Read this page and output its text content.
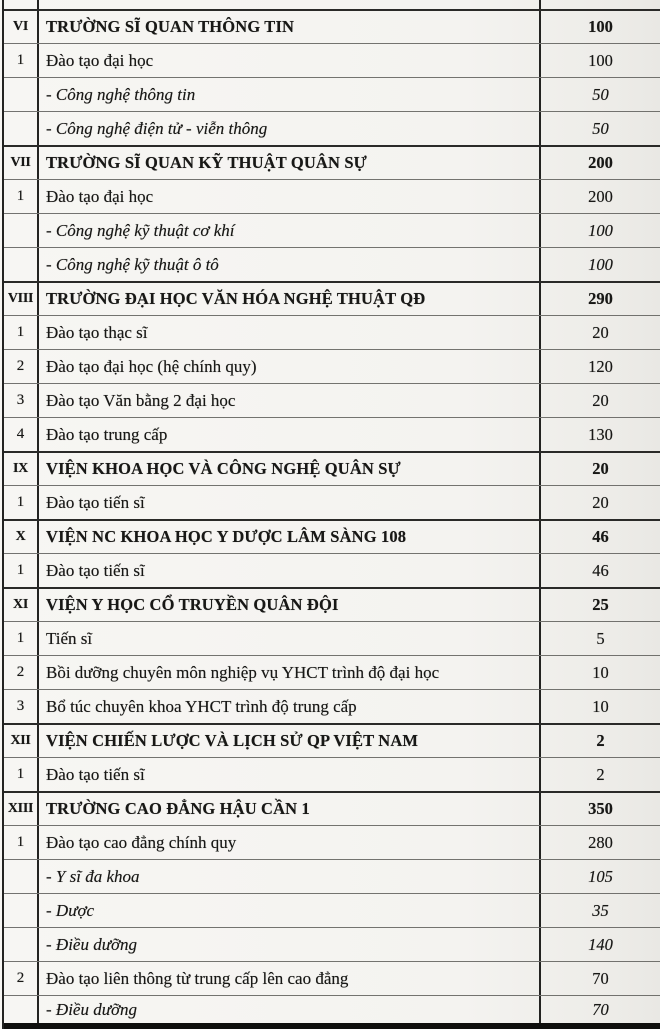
VI	TRƯỜNG SĨ QUAN THÔNG TIN	100
1	Đào tạo đại học	100
- Công nghệ thông tin	50
- Công nghệ điện tử - viễn thông	50
VII TRƯỜNG SĨ QUAN KỸ THUẬT QUÂN SỰ	200
1	Đào tạo đại học	200
- Công nghệ kỹ thuật cơ khí	100
- Công nghệ kỹ thuật ô tô	100
VIII TRƯỜNG ĐẠI HỌC VĂN HÓA NGHỆ THUẬT QĐ	290
1	Đào tạo thạc sĩ	20
2	Đào tạo đại học (hệ chính quy)	120
3	Đào tạo Văn bằng 2 đại học	20
4	Đào tạo trung cấp	130
IX	VIỆN KHOA HỌC VÀ CÔNG NGHỆ QUÂN SỰ	20
1	Đào tạo tiến sĩ	20
X	VIỆN NC KHOA HỌC Y DƯỢC LÂM SÀNG 108	46
1	Đào tạo tiến sĩ	46
XI	VIỆN Y HỌC CỔ TRUYỀN QUÂN ĐỘI	25
1	Tiến sĩ	5
2	Bồi dưỡng chuyên môn nghiệp vụ YHCT trình độ đại học	10
3	Bổ túc chuyên khoa YHCT trình độ trung cấp	10
XII VIỆN CHIẾN LƯỢC VÀ LỊCH SỬ QP VIỆT NAM	2
1	Đào tạo tiến sĩ	2
XIII TRƯỜNG CAO ĐẲNG HẬU CẦN 1	350
1	Đào tạo cao đẳng chính quy	280
- Y sĩ đa khoa	105
- Dược	35
- Điều dưỡng	140
2	Đào tạo liên thông từ trung cấp lên cao đẳng	70
- Điều dưỡng	70
